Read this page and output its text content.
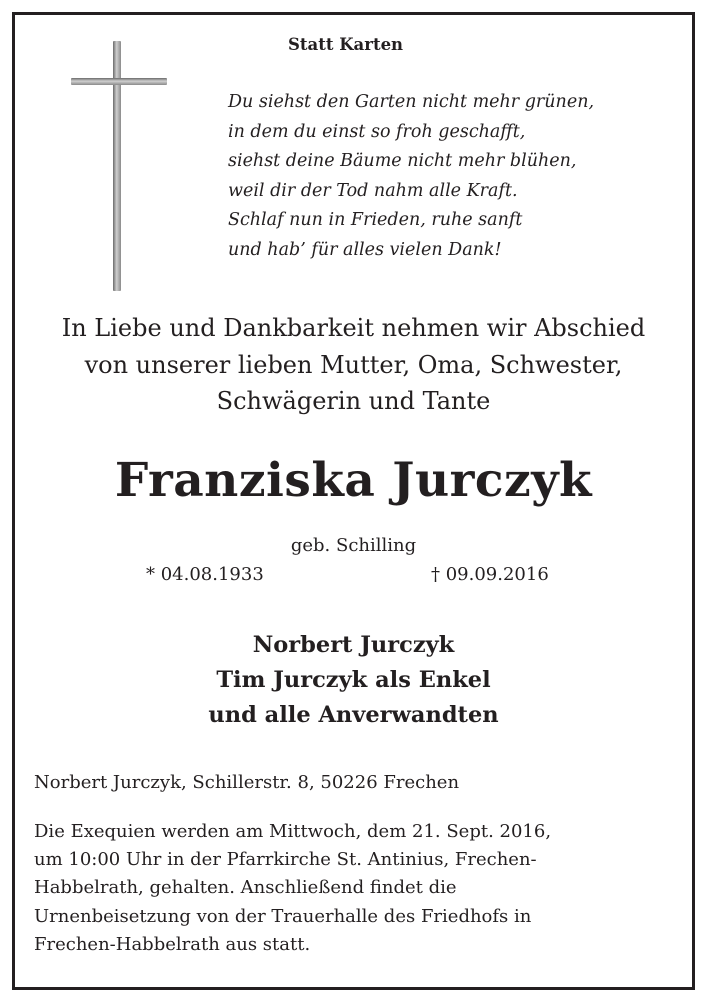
Statt Karten
Du siehst den Garten nicht mehr grünen,
in dem du einst so froh geschafft,
siehst deine Bäume nicht mehr blühen,
weil dir der Tod nahm alle Kraft.
Schlaf nun in Frieden, ruhe sanft
und hab’ für alles vielen Dank!
In Liebe und Dankbarkeit nehmen wir Abschied
von unserer lieben Mutter, Oma, Schwester,
Schwägerin und Tante
Franziska Jurczyk
geb. Schilling
* 04.08.1933	† 09.09.2016
Norbert Jurczyk
Tim Jurczyk als Enkel
und alle Anverwandten
Norbert Jurczyk, Schillerstr. 8, 50226 Frechen
Die Exequien werden am Mittwoch, dem 21. Sept. 2016,
um 10:00 Uhr in der Pfarrkirche St. Antinius, Frechen-
Habbelrath, gehalten. Anschließend findet die
Urnenbeisetzung von der Trauerhalle des Friedhofs in
Frechen-Habbelrath aus statt.
